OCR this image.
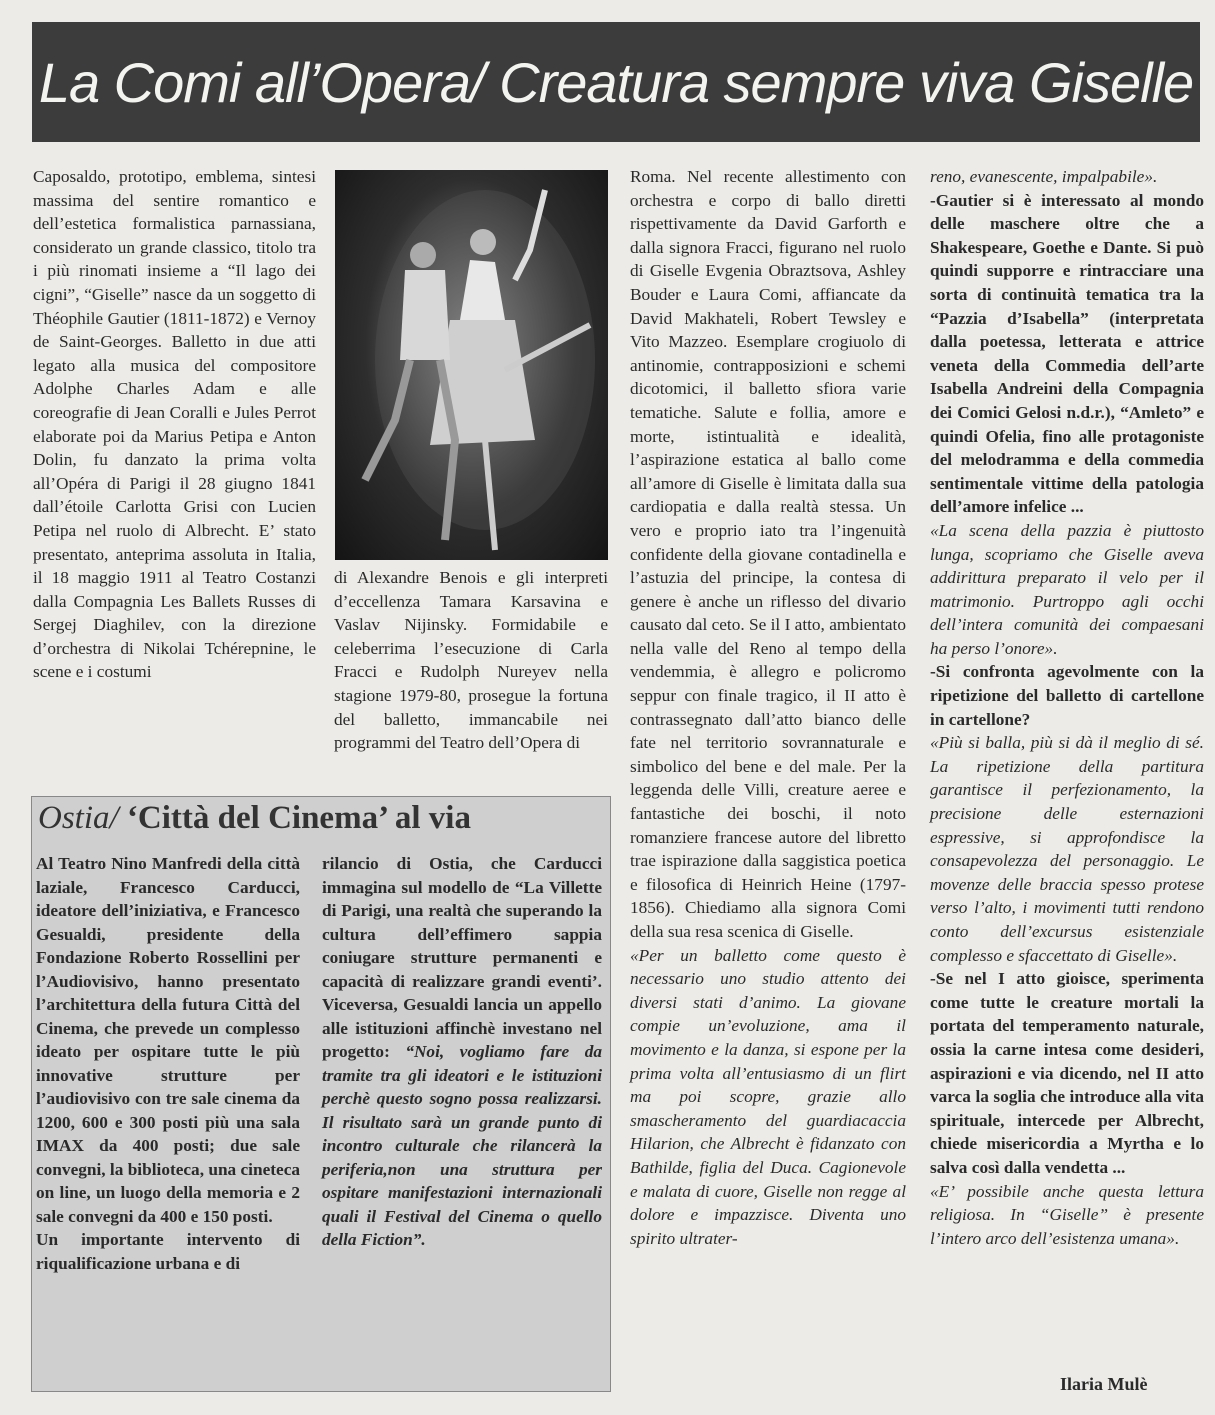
La Comi all’Opera/ Creatura sempre viva Giselle

Caposaldo, prototipo, emblema, sintesi massima del sentire romantico e dell’estetica formalistica parnassiana, considerato un grande classico, titolo tra i più rinomati insieme a “Il lago dei cigni”, “Giselle” nasce da un soggetto di Théophile Gautier (1811-1872) e Vernoy de Saint-Georges. Balletto in due atti legato alla musica del compositore Adolphe Charles Adam e alle coreografie di Jean Coralli e Jules Perrot elaborate poi da Marius Petipa e Anton Dolin, fu danzato la prima volta all’Opéra di Parigi il 28 giugno 1841 dall’étoile Carlotta Grisi con Lucien Petipa nel ruolo di Albrecht. E’ stato presentato, anteprima assoluta in Italia, il 18 maggio 1911 al Teatro Costanzi dalla Compagnia Les Ballets Russes di Sergej Diaghilev, con la direzione d’orchestra di Nikolai Tchérepnine, le scene e i costumi

di Alexandre Benois e gli interpreti d’eccellenza Tamara Karsavina e Vaslav Nijinsky. Formidabile e celeberrima l’esecuzione di Carla Fracci e Rudolph Nureyev nella stagione 1979-80, prosegue la fortuna del balletto, immancabile nei programmi del Teatro dell’Opera di

Roma. Nel recente allestimento con orchestra e corpo di ballo diretti rispettivamente da David Garforth e dalla signora Fracci, figurano nel ruolo di Giselle Evgenia Obraztsova, Ashley Bouder e Laura Comi, affiancate da David Makhateli, Robert Tewsley e Vito Mazzeo. Esemplare crogiuolo di antinomie, contrapposizioni e schemi dicotomici, il balletto sfiora varie tematiche. Salute e follia, amore e morte, istintualità e idealità, l’aspirazione estatica al ballo come all’amore di Giselle è limitata dalla sua cardiopatia e dalla realtà stessa. Un vero e proprio iato tra l’ingenuità confidente della giovane contadinella e l’astuzia del principe, la contesa di genere è anche un riflesso del divario causato dal ceto. Se il I atto, ambientato nella valle del Reno al tempo della vendemmia, è allegro e policromo seppur con finale tragico, il II atto è contrassegnato dall’atto bianco delle fate nel territorio sovrannaturale e simbolico del bene e del male. Per la leggenda delle Villi, creature aeree e fantastiche dei boschi, il noto romanziere francese autore del libretto trae ispirazione dalla saggistica poetica e filosofica di Heinrich Heine (1797-1856). Chiediamo alla signora Comi della sua resa scenica di Giselle.

«Per un balletto come questo è necessario uno studio attento dei diversi stati d’animo. La giovane compie un’evoluzione, ama il movimento e la danza, si espone per la prima volta all’entusiasmo di un flirt ma poi scopre, grazie allo smascheramento del guardiacaccia Hilarion, che Albrecht è fidanzato con Bathilde, figlia del Duca. Cagionevole e malata di cuore, Giselle non regge al dolore e impazzisce. Diventa uno spirito ultrater-

reno, evanescente, impalpabile».

-Gautier si è interessato al mondo delle maschere oltre che a Shakespeare, Goethe e Dante. Si può quindi supporre e rintracciare una sorta di continuità tematica tra la “Pazzia d’Isabella” (interpretata dalla poetessa, letterata e attrice veneta della Commedia dell’arte Isabella Andreini della Compagnia dei Comici Gelosi n.d.r.), “Amleto” e quindi Ofelia, fino alle protagoniste del melodramma e della commedia sentimentale vittime della patologia dell’amore infelice ...

«La scena della pazzia è piuttosto lunga, scopriamo che Giselle aveva addirittura preparato il velo per il matrimonio. Purtroppo agli occhi dell’intera comunità dei compaesani ha perso l’onore».

-Si confronta agevolmente con la ripetizione del balletto di cartellone in cartellone?

«Più si balla, più si dà il meglio di sé. La ripetizione della partitura garantisce il perfezionamento, la precisione delle esternazioni espressive, si approfondisce la consapevolezza del personaggio. Le movenze delle braccia spesso protese verso l’alto, i movimenti tutti rendono conto dell’excursus esistenziale complesso e sfaccettato di Giselle».

-Se nel I atto gioisce, sperimenta come tutte le creature mortali la portata del temperamento naturale, ossia la carne intesa come desideri, aspirazioni e via dicendo, nel II atto varca la soglia che introduce alla vita spirituale, intercede per Albrecht, chiede misericordia a Myrtha e lo salva così dalla vendetta ...

«E’ possibile anche questa lettura religiosa. In “Giselle” è presente l’intero arco dell’esistenza umana».

Ilaria Mulè
Ostia/ ‘Città del Cinema’ al via

Al Teatro Nino Manfredi della città laziale, Francesco Carducci, ideatore dell’iniziativa, e Francesco Gesualdi, presidente della Fondazione Roberto Rossellini per l’Audiovisivo, hanno presentato l’architettura della futura Città del Cinema, che prevede un complesso ideato per ospitare tutte le più innovative strutture per l’audiovisivo con tre sale cinema da 1200, 600 e 300 posti più una sala IMAX da 400 posti; due sale convegni, la biblioteca, una cineteca on line, un luogo della memoria e 2 sale convegni da 400 e 150 posti.

Un importante intervento di riqualificazione urbana e di

rilancio di Ostia, che Carducci immagina sul modello de “La Villette di Parigi, una realtà che superando la cultura dell’effimero sappia coniugare strutture permanenti e capacità di realizzare grandi eventi’. Viceversa, Gesualdi lancia un appello alle istituzioni affinchè investano nel progetto: “Noi, vogliamo fare da tramite tra gli ideatori e le istituzioni perchè questo sogno possa realizzarsi. Il risultato sarà un grande punto di incontro culturale che rilancerà la periferia,non una struttura per ospitare manifestazioni internazionali quali il Festival del Cinema o quello della Fiction”.
